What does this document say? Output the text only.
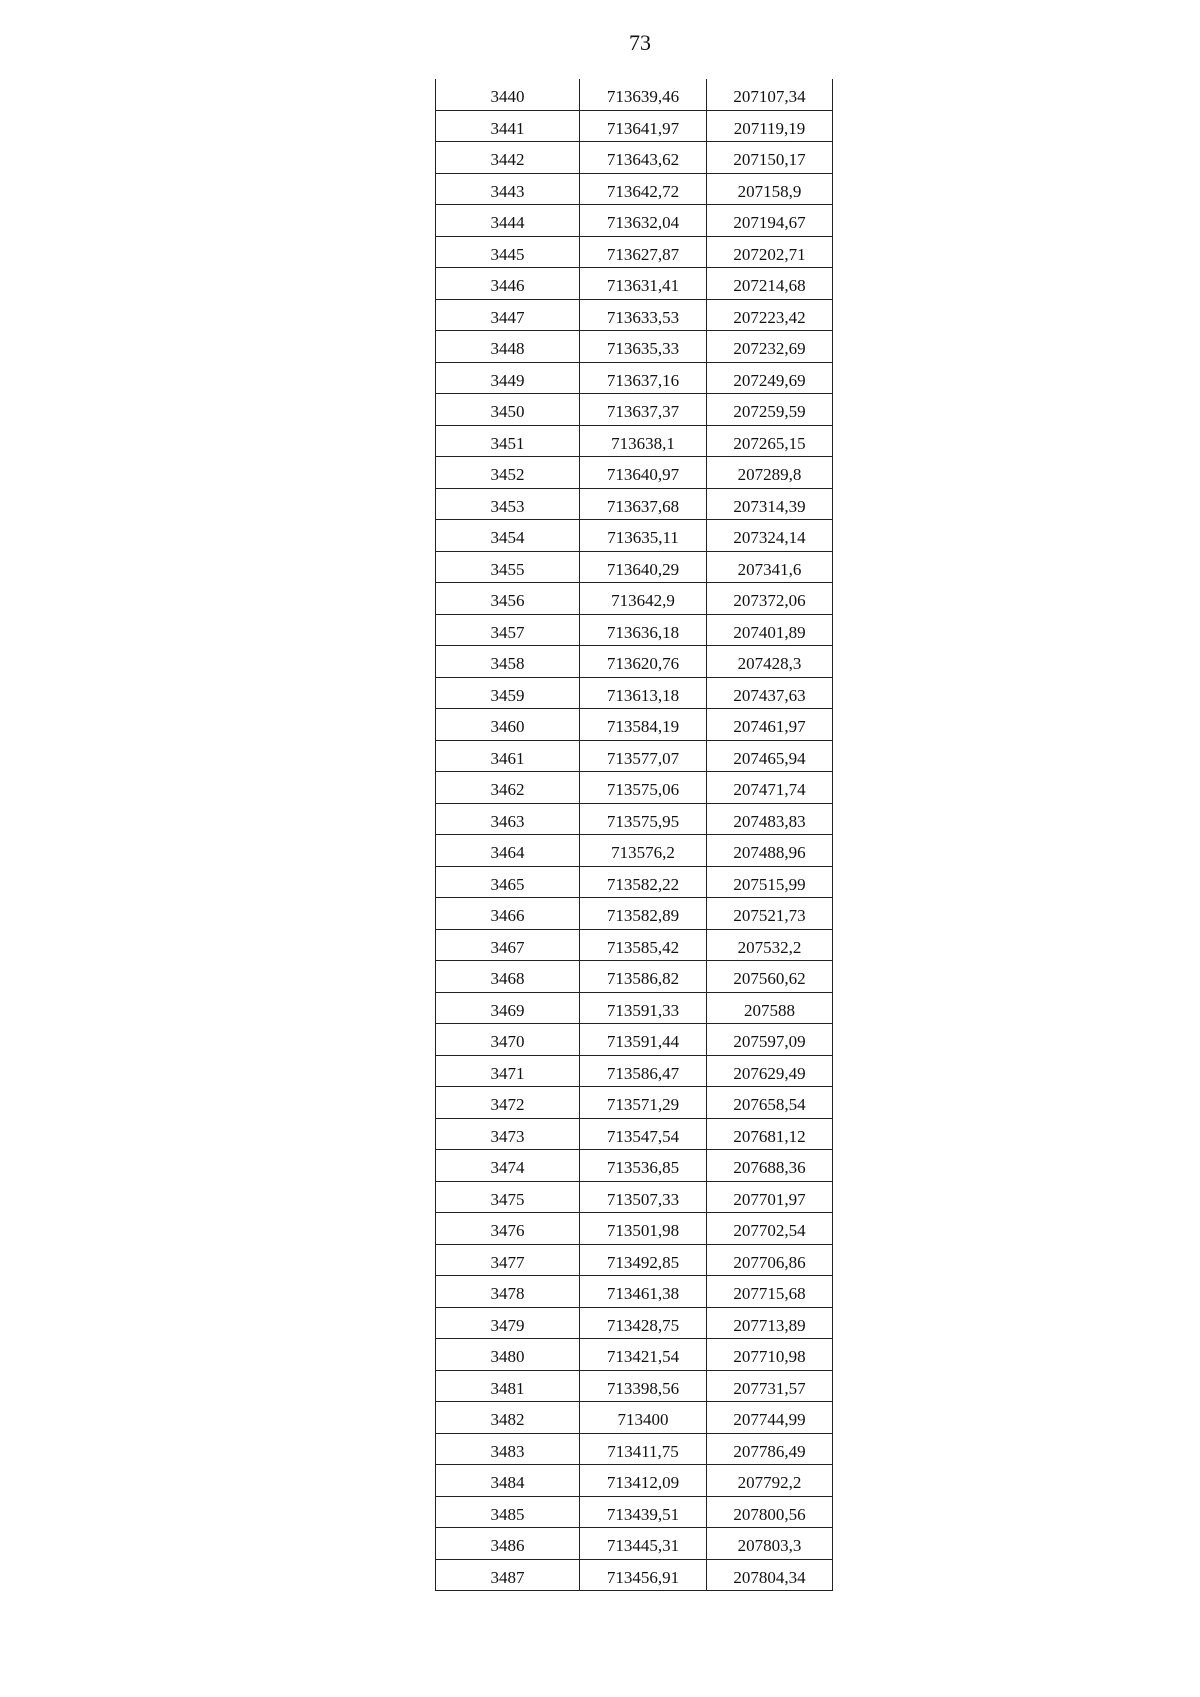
73
3440	713639,46	207107,34
3441	713641,97	207119,19
3442	713643,62	207150,17
3443	713642,72	207158,9
3444	713632,04	207194,67
3445	713627,87	207202,71
3446	713631,41	207214,68
3447	713633,53	207223,42
3448	713635,33	207232,69
3449	713637,16	207249,69
3450	713637,37	207259,59
3451	713638,1	207265,15
3452	713640,97	207289,8
3453	713637,68	207314,39
3454	713635,11	207324,14
3455	713640,29	207341,6
3456	713642,9	207372,06
3457	713636,18	207401,89
3458	713620,76	207428,3
3459	713613,18	207437,63
3460	713584,19	207461,97
3461	713577,07	207465,94
3462	713575,06	207471,74
3463	713575,95	207483,83
3464	713576,2	207488,96
3465	713582,22	207515,99
3466	713582,89	207521,73
3467	713585,42	207532,2
3468	713586,82	207560,62
3469	713591,33	207588
3470	713591,44	207597,09
3471	713586,47	207629,49
3472	713571,29	207658,54
3473	713547,54	207681,12
3474	713536,85	207688,36
3475	713507,33	207701,97
3476	713501,98	207702,54
3477	713492,85	207706,86
3478	713461,38	207715,68
3479	713428,75	207713,89
3480	713421,54	207710,98
3481	713398,56	207731,57
3482	713400	207744,99
3483	713411,75	207786,49
3484	713412,09	207792,2
3485	713439,51	207800,56
3486	713445,31	207803,3
3487	713456,91	207804,34
